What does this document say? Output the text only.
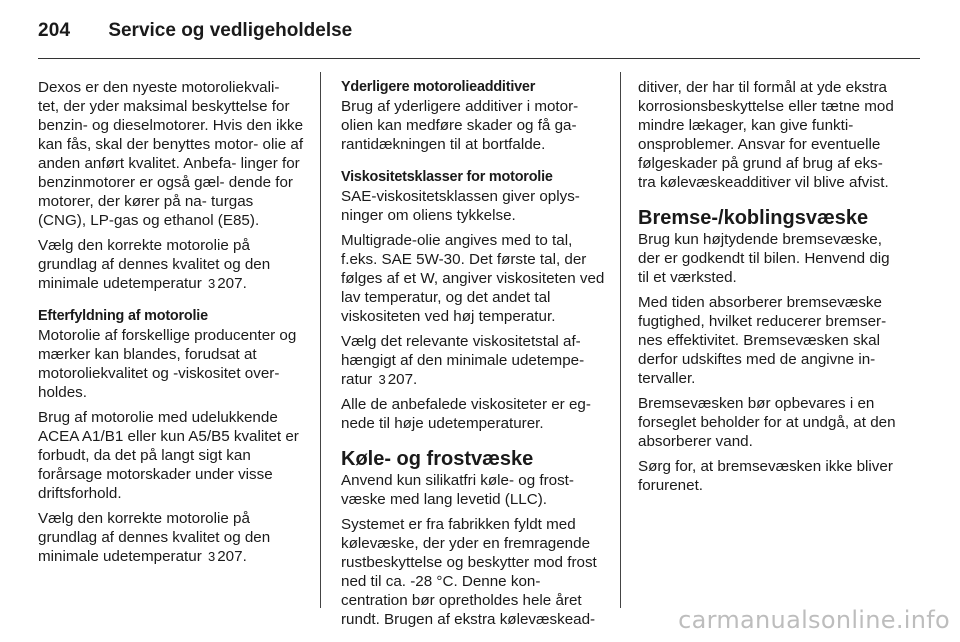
204 Service og vedligeholdelse

Dexos er den nyeste motoroliekvali- tet, der yder maksimal beskyttelse for benzin- og dieselmotorer. Hvis den ikke kan fås, skal der benyttes motor- olie af anden anført kvalitet. Anbefa- linger for benzinmotorer er også gæl- dende for motorer, der kører på na- turgas (CNG), LP-gas og ethanol (E85).

Vælg den korrekte motorolie på grundlag af dennes kvalitet og den minimale udetemperatur 3 207.

Efterfyldning af motorolie

Motorolie af forskellige producenter og mærker kan blandes, forudsat at motoroliekvalitet og -viskositet over- holdes.

Brug af motorolie med udelukkende ACEA A1/B1 eller kun A5/B5 kvalitet er forbudt, da det på langt sigt kan forårsage motorskader under visse driftsforhold.

Vælg den korrekte motorolie på grundlag af dennes kvalitet og den minimale udetemperatur 3 207.

Yderligere motorolieadditiver

Brug af yderligere additiver i motor- olien kan medføre skader og få ga- rantidækningen til at bortfalde.

Viskositetsklasser for motorolie

SAE-viskositetsklassen giver oplys- ninger om oliens tykkelse.

Multigrade-olie angives med to tal, f.eks. SAE 5W-30. Det første tal, der følges af et W, angiver viskositeten ved lav temperatur, og det andet tal viskositeten ved høj temperatur.

Vælg det relevante viskositetstal af- hængigt af den minimale udetempe- ratur 3 207.

Alle de anbefalede viskositeter er eg- nede til høje udetemperaturer.

Køle- og frostvæske

Anvend kun silikatfri køle- og frost- væske med lang levetid (LLC).

Systemet er fra fabrikken fyldt med kølevæske, der yder en fremragende rustbeskyttelse og beskytter mod frost ned til ca. -28 °C. Denne kon- centration bør opretholdes hele året rundt. Brugen af ekstra kølevæskead-

ditiver, der har til formål at yde ekstra korrosionsbeskyttelse eller tætne mod mindre lækager, kan give funkti- onsproblemer. Ansvar for eventuelle følgeskader på grund af brug af eks- tra kølevæskeadditiver vil blive afvist.

Bremse-/koblingsvæske

Brug kun højtydende bremsevæske, der er godkendt til bilen. Henvend dig til et værksted.

Med tiden absorberer bremsevæske fugtighed, hvilket reducerer bremser- nes effektivitet. Bremsevæsken skal derfor udskiftes med de angivne in- tervaller.

Bremsevæsken bør opbevares i en forseglet beholder for at undgå, at den absorberer vand.

Sørg for, at bremsevæsken ikke bliver forurenet.

carmanualsonline.info
